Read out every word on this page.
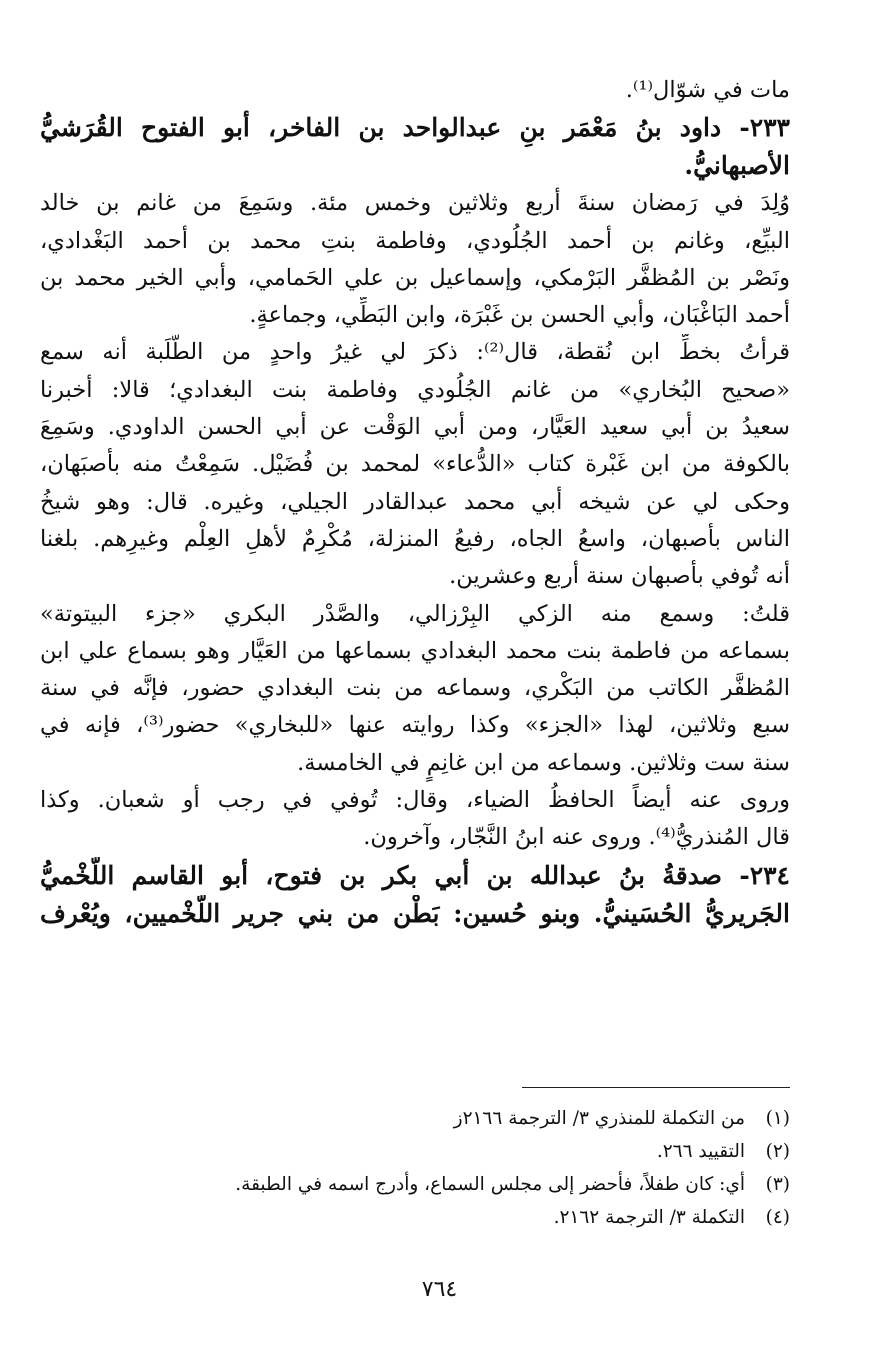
مات في شوّال⁽¹⁾.
٢٣٣- داود بنُ مَعْمَر بنِ عبدالواحد بن الفاخر، أبو الفتوح القُرَشيُّ
الأصبهانيُّ.
وُلِدَ في رَمضان سنةَ أربع وثلاثين وخمس مئة. وسَمِعَ من غانم بن خالد
البيِّع، وغانم بن أحمد الجُلُودي، وفاطمة بنتِ محمد بن أحمد البَغْدادي،
ونَصْر بن المُظفَّر البَرْمكي، وإسماعيل بن علي الحَمامي، وأبي الخير محمد بن
أحمد البَاغْبَان، وأبي الحسن بن غَبْرَة، وابن البَطِّي، وجماعةٍ.
قرأتُ بخطِّ ابن نُقطة، قال⁽²⁾: ذكرَ لي غيرُ واحدٍ من الطَّلَبة أنه سمع
«صحيح البُخاري» من غانم الجُلُودي وفاطمة بنت البغدادي؛ قالا: أخبرنا
سعيدُ بن أبي سعيد العَيَّار، ومن أبي الوَقْت عن أبي الحسن الداودي. وسَمِعَ
بالكوفة من ابن غَبْرة كتاب «الدُّعاء» لمحمد بن فُضَيْل. سَمِعْتُ منه بأصبَهان،
وحكى لي عن شيخه أبي محمد عبدالقادر الجيلي، وغيره. قال: وهو شيخُ
الناس بأصبهان، واسعُ الجاه، رفيعُ المنزلة، مُكْرِمٌ لأهلِ العِلْم وغيرِهم. بلغنا
أنه تُوفي بأصبهان سنة أربع وعشرين.
قلتُ: وسمع منه الزكي البِرْزالي، والصَّدْر البكري «جزء البيتوتة»
بسماعه من فاطمة بنت محمد البغدادي بسماعها من العَيَّار وهو بسماع علي ابن
المُظفَّر الكاتب من البَكْري، وسماعه من بنت البغدادي حضور، فإنَّه في سنة
سبع وثلاثين، لهذا «الجزء» وكذا روايته عنها «للبخاري» حضور⁽³⁾، فإنه في
سنة ست وثلاثين. وسماعه من ابن غانِمٍ في الخامسة.
وروى عنه أيضاً الحافظُ الضياء، وقال: تُوفي في رجب أو شعبان. وكذا
قال المُنذريُّ⁽⁴⁾. وروى عنه ابنُ النَّجّار، وآخرون.
٢٣٤- صدقةُ بنُ عبدالله بن أبي بكر بن فتوح، أبو القاسم اللَّخْميُّ
الجَريريُّ الحُسَينيُّ. وبنو حُسين: بَطْن من بني جرير اللَّخْميين، ويُعْرف
(١)من التكملة للمنذري ٣/ الترجمة ٢١٦٦ز
(٢)التقييد ٢٦٦.
(٣)أي: كان طفلاً، فأحضر إلى مجلس السماع، وأدرج اسمه في الطبقة.
(٤)التكملة ٣/ الترجمة ٢١٦٢.
٧٦٤
